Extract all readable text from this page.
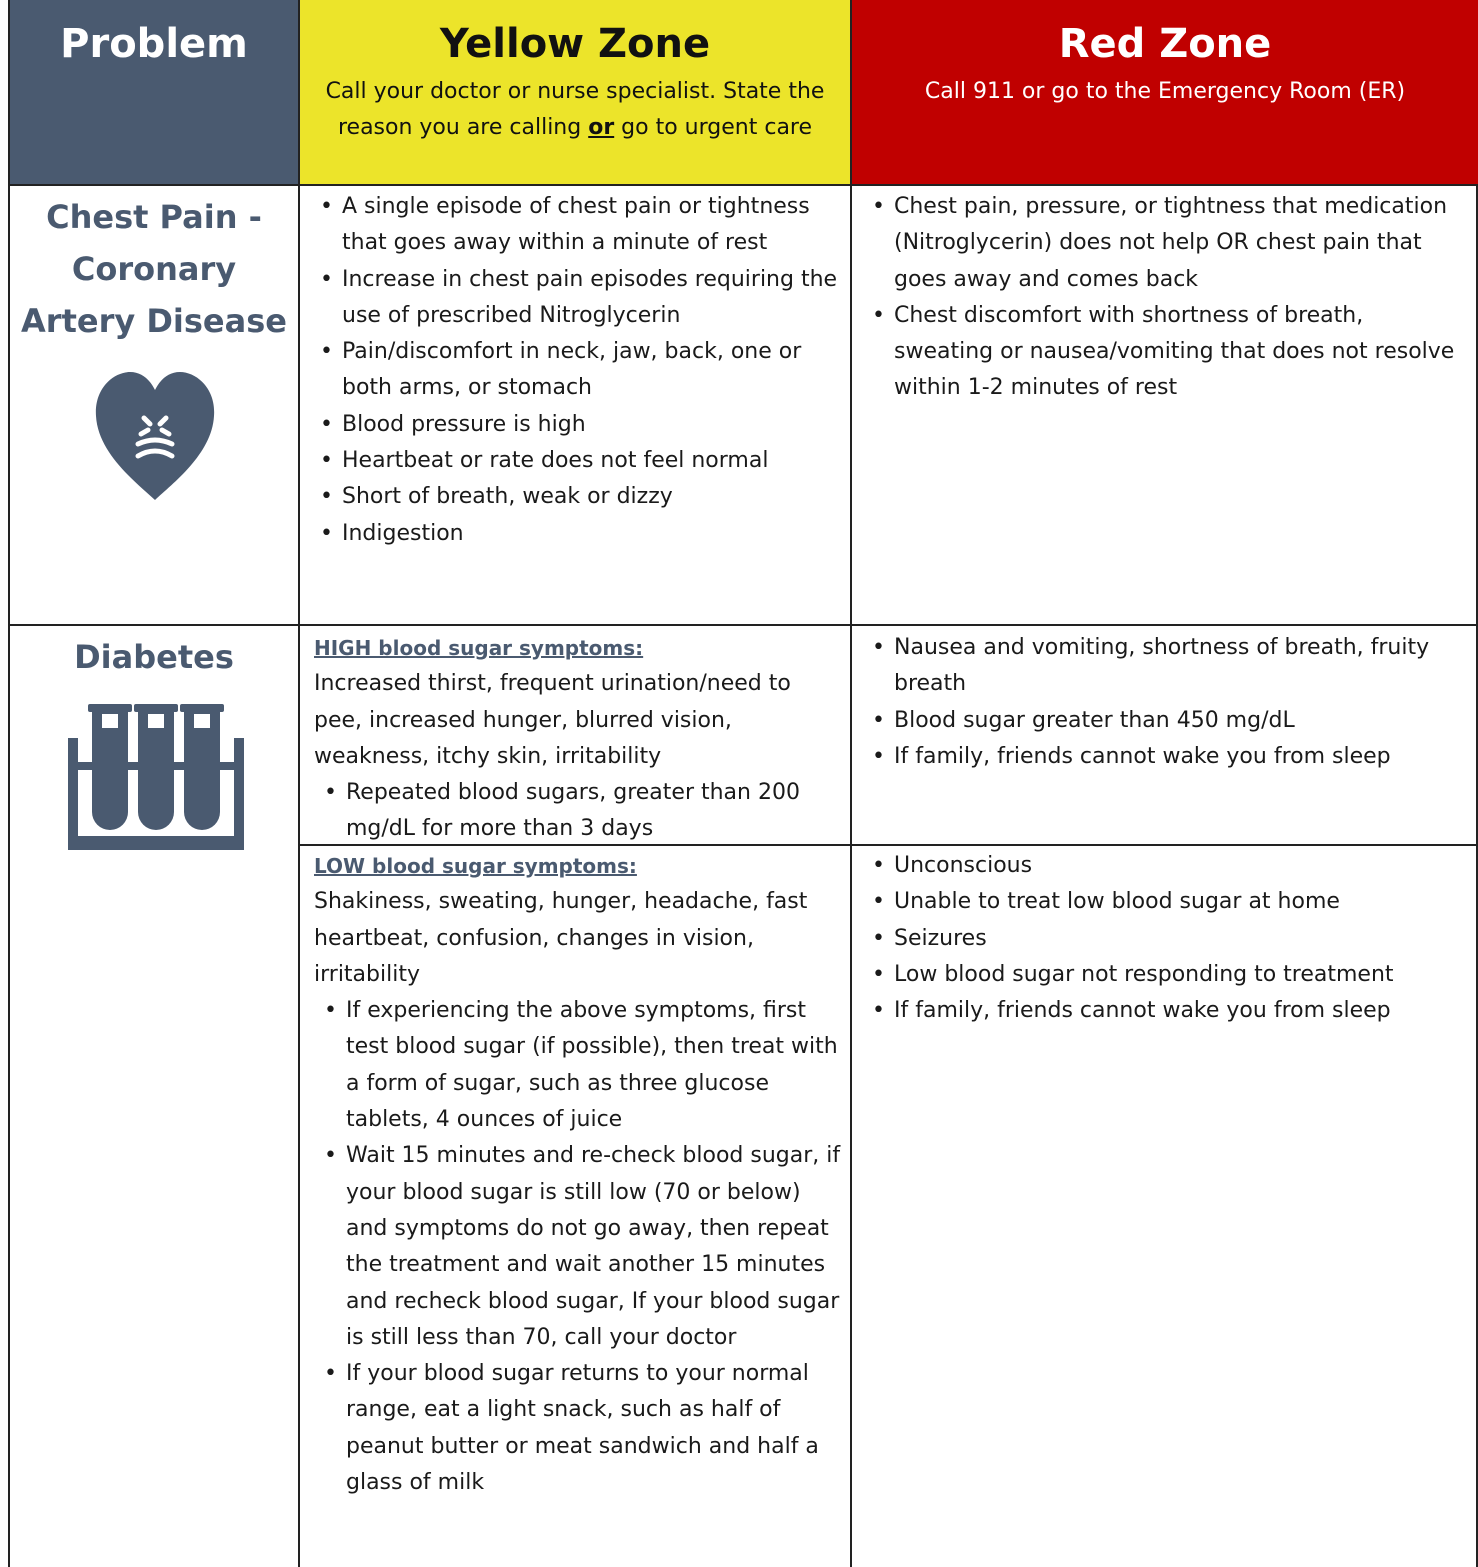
Problem	Yellow Zone
Call your doctor or nurse specialist. State the reason you are calling or go to urgent care
Red Zone
Call 911 or go to the Emergency Room (ER)
Chest Pain -
Coronary
Artery Disease
• A single episode of chest pain or tightness that goes away within a minute of rest
• Increase in chest pain episodes requiring the use of prescribed Nitroglycerin
• Pain/discomfort in neck, jaw, back, one or both arms, or stomach
• Blood pressure is high
• Heartbeat or rate does not feel normal
• Short of breath, weak or dizzy
• Indigestion
• Chest pain, pressure, or tightness that medication (Nitroglycerin) does not help OR chest pain that goes away and comes back
• Chest discomfort with shortness of breath, sweating or nausea/vomiting that does not resolve within 1-2 minutes of rest
Diabetes	HIGH blood sugar symptoms:
Increased thirst, frequent urination/need to pee, increased hunger, blurred vision, weakness, itchy skin, irritability
• Repeated blood sugars, greater than 200 mg/dL for more than 3 days
• Nausea and vomiting, shortness of breath, fruity breath
• Blood sugar greater than 450 mg/dL
• If family, friends cannot wake you from sleep
LOW blood sugar symptoms:
Shakiness, sweating, hunger, headache, fast heartbeat, confusion, changes in vision, irritability
• If experiencing the above symptoms, first test blood sugar (if possible), then treat with a form of sugar, such as three glucose tablets, 4 ounces of juice
• Wait 15 minutes and re-check blood sugar, if your blood sugar is still low (70 or below) and symptoms do not go away, then repeat the treatment and wait another 15 minutes and recheck blood sugar, If your blood sugar is still less than 70, call your doctor
• If your blood sugar returns to your normal range, eat a light snack, such as half of peanut butter or meat sandwich and half a glass of milk
• Unconscious
• Unable to treat low blood sugar at home
• Seizures
• Low blood sugar not responding to treatment
• If family, friends cannot wake you from sleep
